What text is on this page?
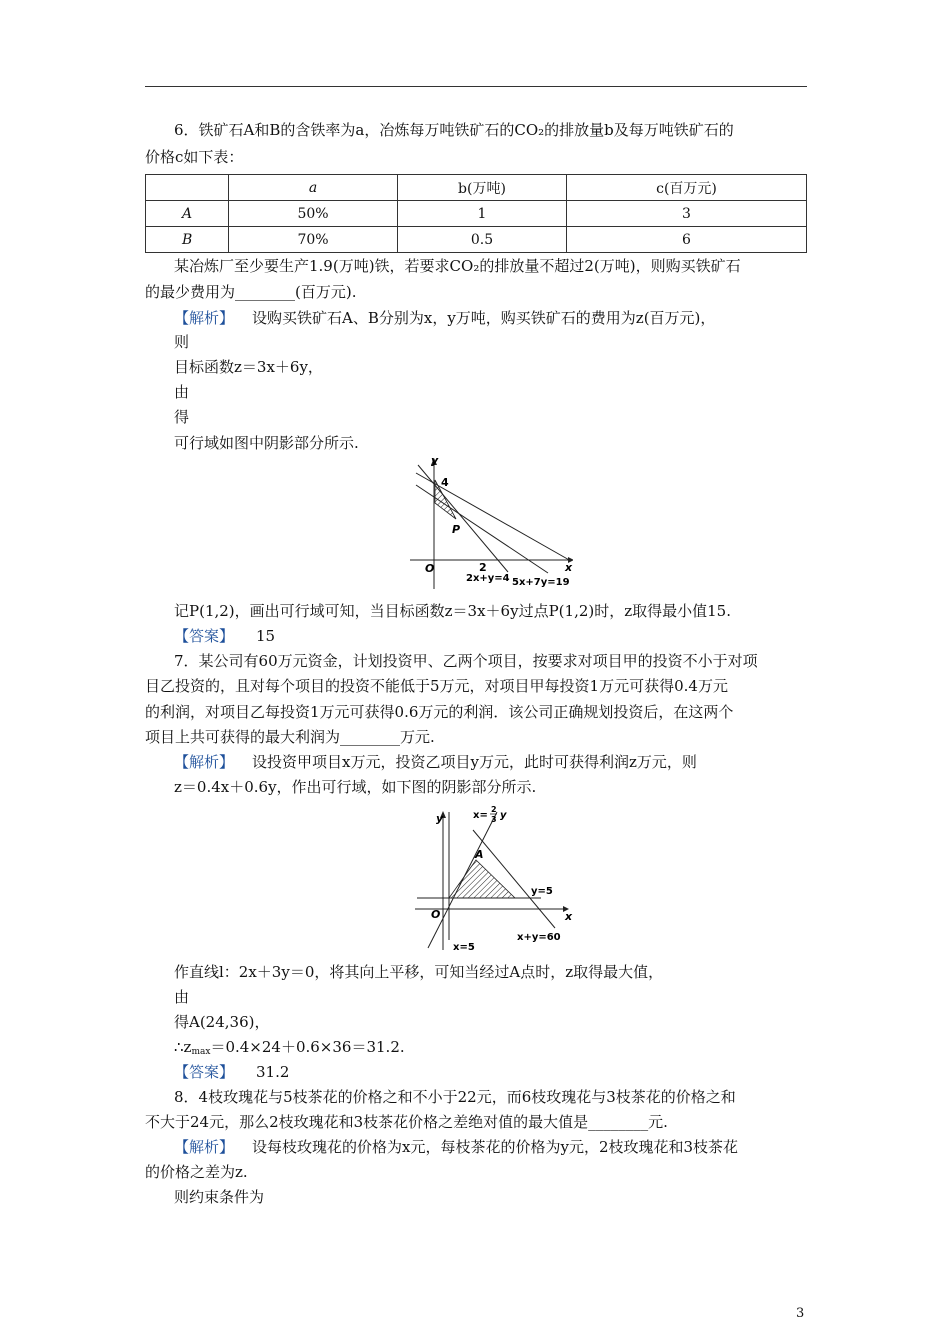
6．铁矿石A和B的含铁率为a，冶炼每万吨铁矿石的CO₂的排放量b及每万吨铁矿石的
价格c如下表：
	a	b(万吨)	c(百万元)
A	50%	1	3
B	70%	0.5	6
某冶炼厂至少要生产1.9(万吨)铁，若要求CO₂的排放量不超过2(万吨)，则购买铁矿石
的最少费用为________(百万元).
【解析】 设购买铁矿石A、B分别为x，y万吨，购买铁矿石的费用为z(百万元)，
则
目标函数z＝3x＋6y，
由
得
可行域如图中阴影部分所示.
y
x
O
4
2
P
2x+y=4 5x+7y=19
记P(1,2)，画出可行域可知，当目标函数z＝3x＋6y过点P(1,2)时，z取得最小值15.
【答案】 15
7．某公司有60万元资金，计划投资甲、乙两个项目，按要求对项目甲的投资不小于对项
目乙投资的，且对每个项目的投资不能低于5万元，对项目甲每投资1万元可获得0.4万元
的利润，对项目乙每投资1万元可获得0.6万元的利润．该公司正确规划投资后，在这两个
项目上共可获得的最大利润为________万元.
【解析】 设投资甲项目x万元，投资乙项目y万元，此时可获得利润z万元，则
z＝0.4x＋0.6y，作出可行域，如下图的阴影部分所示.
y
x
O
x=
2
3 y
A
y=5
x=5
x+y=60
作直线l：2x＋3y＝0，将其向上平移，可知当经过A点时，z取得最大值，
由
得A(24,36)，
$\therefore z_{max}=0.4\times 24+0.6\times 36=31.2$.
【答案】 31.2
8．4枝玫瑰花与5枝茶花的价格之和不小于22元，而6枝玫瑰花与3枝茶花的价格之和
不大于24元，那么2枝玫瑰花和3枝茶花价格之差绝对值的最大值是________元.
【解析】 设每枝玫瑰花的价格为x元，每枝茶花的价格为y元，2枝玫瑰花和3枝茶花
的价格之差为z.
则约束条件为
3
